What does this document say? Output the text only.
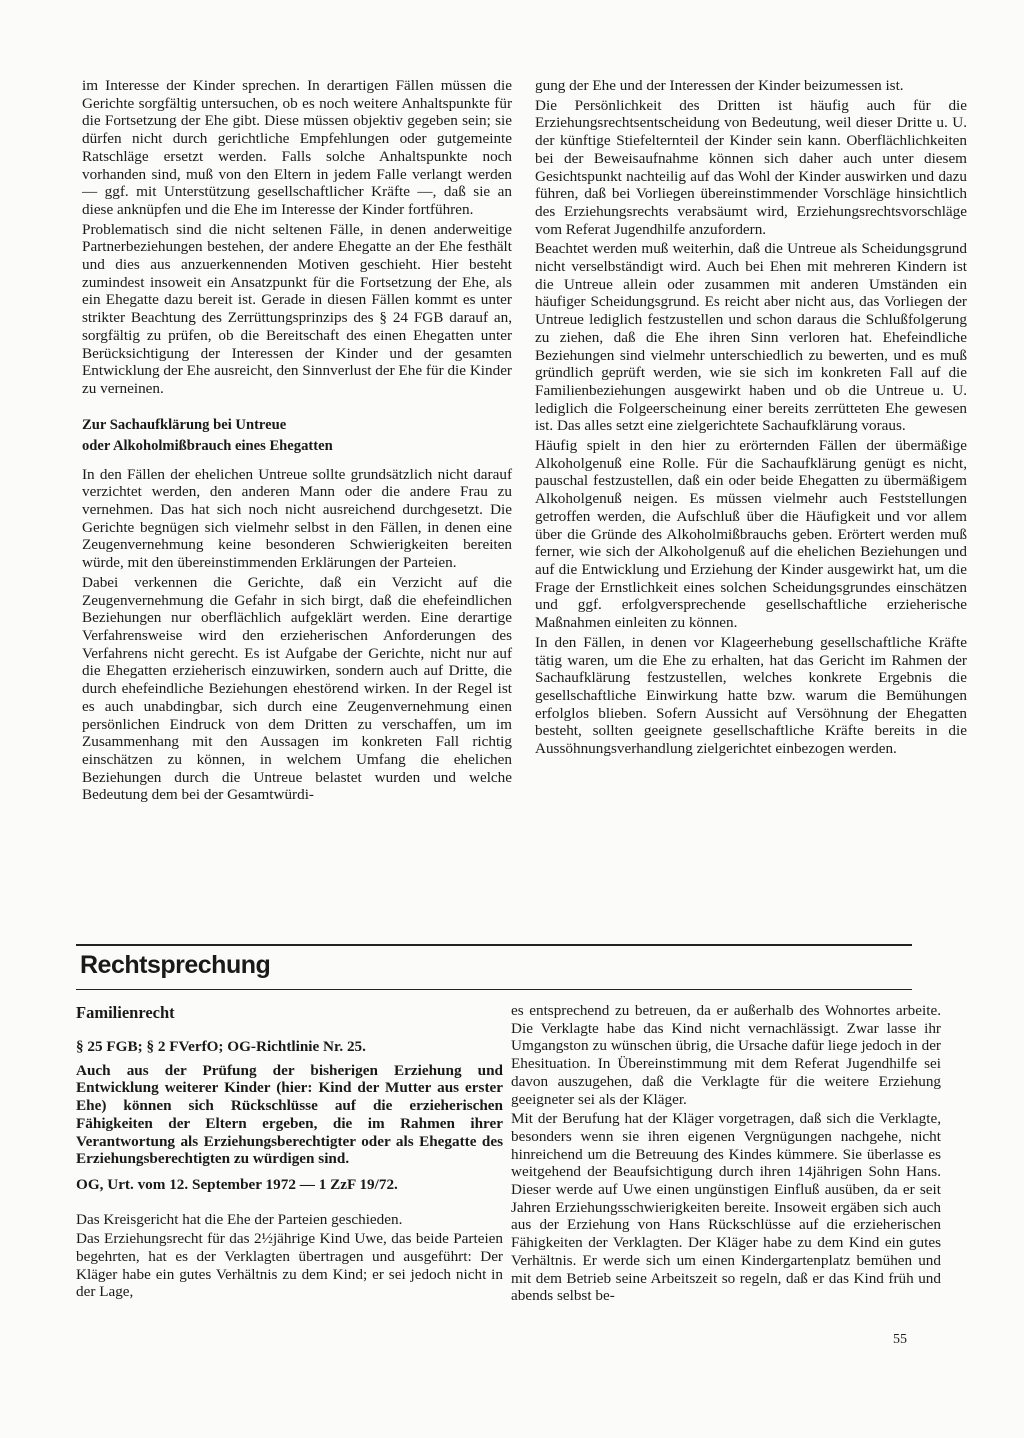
im Interesse der Kinder sprechen. In derartigen Fällen müssen die Gerichte sorgfältig untersuchen, ob es noch weitere Anhaltspunkte für die Fortsetzung der Ehe gibt. Diese müssen objektiv gegeben sein; sie dürfen nicht durch gerichtliche Empfehlungen oder gutgemeinte Ratschläge ersetzt werden. Falls solche Anhaltspunkte noch vorhanden sind, muß von den Eltern in jedem Falle verlangt werden — ggf. mit Unterstützung gesellschaftlicher Kräfte —, daß sie an diese anknüpfen und die Ehe im Interesse der Kinder fortführen.

Problematisch sind die nicht seltenen Fälle, in denen anderweitige Partnerbeziehungen bestehen, der andere Ehegatte an der Ehe festhält und dies aus anzuerkennenden Motiven geschieht. Hier besteht zumindest insoweit ein Ansatzpunkt für die Fortsetzung der Ehe, als ein Ehegatte dazu bereit ist. Gerade in diesen Fällen kommt es unter strikter Beachtung des Zerrüttungsprinzips des § 24 FGB darauf an, sorgfältig zu prüfen, ob die Bereitschaft des einen Ehegatten unter Berücksichtigung der Interessen der Kinder und der gesamten Entwicklung der Ehe ausreicht, den Sinnverlust der Ehe für die Kinder zu verneinen.

Zur Sachaufklärung bei Untreue
oder Alkoholmißbrauch eines Ehegatten

In den Fällen der ehelichen Untreue sollte grundsätzlich nicht darauf verzichtet werden, den anderen Mann oder die andere Frau zu vernehmen. Das hat sich noch nicht ausreichend durchgesetzt. Die Gerichte begnügen sich vielmehr selbst in den Fällen, in denen eine Zeugenvernehmung keine besonderen Schwierigkeiten bereiten würde, mit den übereinstimmenden Erklärungen der Parteien.

Dabei verkennen die Gerichte, daß ein Verzicht auf die Zeugenvernehmung die Gefahr in sich birgt, daß die ehefeindlichen Beziehungen nur oberflächlich aufgeklärt werden. Eine derartige Verfahrensweise wird den erzieherischen Anforderungen des Verfahrens nicht gerecht. Es ist Aufgabe der Gerichte, nicht nur auf die Ehegatten erzieherisch einzuwirken, sondern auch auf Dritte, die durch ehefeindliche Beziehungen ehestörend wirken. In der Regel ist es auch unabdingbar, sich durch eine Zeugenvernehmung einen persönlichen Eindruck von dem Dritten zu verschaffen, um im Zusammenhang mit den Aussagen im konkreten Fall richtig einschätzen zu können, in welchem Umfang die ehelichen Beziehungen durch die Untreue belastet wurden und welche Bedeutung dem bei der Gesamtwürdi-

gung der Ehe und der Interessen der Kinder beizumessen ist.

Die Persönlichkeit des Dritten ist häufig auch für die Erziehungsrechtsentscheidung von Bedeutung, weil dieser Dritte u. U. der künftige Stiefelternteil der Kinder sein kann. Oberflächlichkeiten bei der Beweisaufnahme können sich daher auch unter diesem Gesichtspunkt nachteilig auf das Wohl der Kinder auswirken und dazu führen, daß bei Vorliegen übereinstimmender Vorschläge hinsichtlich des Erziehungsrechts verabsäumt wird, Erziehungsrechtsvorschläge vom Referat Jugendhilfe anzufordern.

Beachtet werden muß weiterhin, daß die Untreue als Scheidungsgrund nicht verselbständigt wird. Auch bei Ehen mit mehreren Kindern ist die Untreue allein oder zusammen mit anderen Umständen ein häufiger Scheidungsgrund. Es reicht aber nicht aus, das Vorliegen der Untreue lediglich festzustellen und schon daraus die Schlußfolgerung zu ziehen, daß die Ehe ihren Sinn verloren hat. Ehefeindliche Beziehungen sind vielmehr unterschiedlich zu bewerten, und es muß gründlich geprüft werden, wie sie sich im konkreten Fall auf die Familienbeziehungen ausgewirkt haben und ob die Untreue u. U. lediglich die Folgeerscheinung einer bereits zerrütteten Ehe gewesen ist. Das alles setzt eine zielgerichtete Sachaufklärung voraus.

Häufig spielt in den hier zu erörternden Fällen der übermäßige Alkoholgenuß eine Rolle. Für die Sachaufklärung genügt es nicht, pauschal festzustellen, daß ein oder beide Ehegatten zu übermäßigem Alkoholgenuß neigen. Es müssen vielmehr auch Feststellungen getroffen werden, die Aufschluß über die Häufigkeit und vor allem über die Gründe des Alkoholmißbrauchs geben. Erörtert werden muß ferner, wie sich der Alkoholgenuß auf die ehelichen Beziehungen und auf die Entwicklung und Erziehung der Kinder ausgewirkt hat, um die Frage der Ernstlichkeit eines solchen Scheidungsgrundes einschätzen und ggf. erfolgversprechende gesellschaftliche erzieherische Maßnahmen einleiten zu können.

In den Fällen, in denen vor Klageerhebung gesellschaftliche Kräfte tätig waren, um die Ehe zu erhalten, hat das Gericht im Rahmen der Sachaufklärung festzustellen, welches konkrete Ergebnis die gesellschaftliche Einwirkung hatte bzw. warum die Bemühungen erfolglos blieben. Sofern Aussicht auf Versöhnung der Ehegatten besteht, sollten geeignete gesellschaftliche Kräfte bereits in die Aussöhnungsverhandlung zielgerichtet einbezogen werden.

Rechtsprechung

Familienrecht

§ 25 FGB; § 2 FVerfO; OG-Richtlinie Nr. 25.

Auch aus der Prüfung der bisherigen Erziehung und Entwicklung weiterer Kinder (hier: Kind der Mutter aus erster Ehe) können sich Rückschlüsse auf die erzieherischen Fähigkeiten der Eltern ergeben, die im Rahmen ihrer Verantwortung als Erziehungsberechtigter oder als Ehegatte des Erziehungsberechtigten zu würdigen sind.

OG, Urt. vom 12. September 1972 — 1 ZzF 19/72.

Das Kreisgericht hat die Ehe der Parteien geschieden.

Das Erziehungsrecht für das 2½jährige Kind Uwe, das beide Parteien begehrten, hat es der Verklagten übertragen und ausgeführt: Der Kläger habe ein gutes Verhältnis zu dem Kind; er sei jedoch nicht in der Lage,

es entsprechend zu betreuen, da er außerhalb des Wohnortes arbeite. Die Verklagte habe das Kind nicht vernachlässigt. Zwar lasse ihr Umgangston zu wünschen übrig, die Ursache dafür liege jedoch in der Ehesituation. In Übereinstimmung mit dem Referat Jugendhilfe sei davon auszugehen, daß die Verklagte für die weitere Erziehung geeigneter sei als der Kläger.

Mit der Berufung hat der Kläger vorgetragen, daß sich die Verklagte, besonders wenn sie ihren eigenen Vergnügungen nachgehe, nicht hinreichend um die Betreuung des Kindes kümmere. Sie überlasse es weitgehend der Beaufsichtigung durch ihren 14jährigen Sohn Hans. Dieser werde auf Uwe einen ungünstigen Einfluß ausüben, da er seit Jahren Erziehungsschwierigkeiten bereite. Insoweit ergäben sich auch aus der Erziehung von Hans Rückschlüsse auf die erzieherischen Fähigkeiten der Verklagten. Der Kläger habe zu dem Kind ein gutes Verhältnis. Er werde sich um einen Kindergartenplatz bemühen und mit dem Betrieb seine Arbeitszeit so regeln, daß er das Kind früh und abends selbst be-

55
